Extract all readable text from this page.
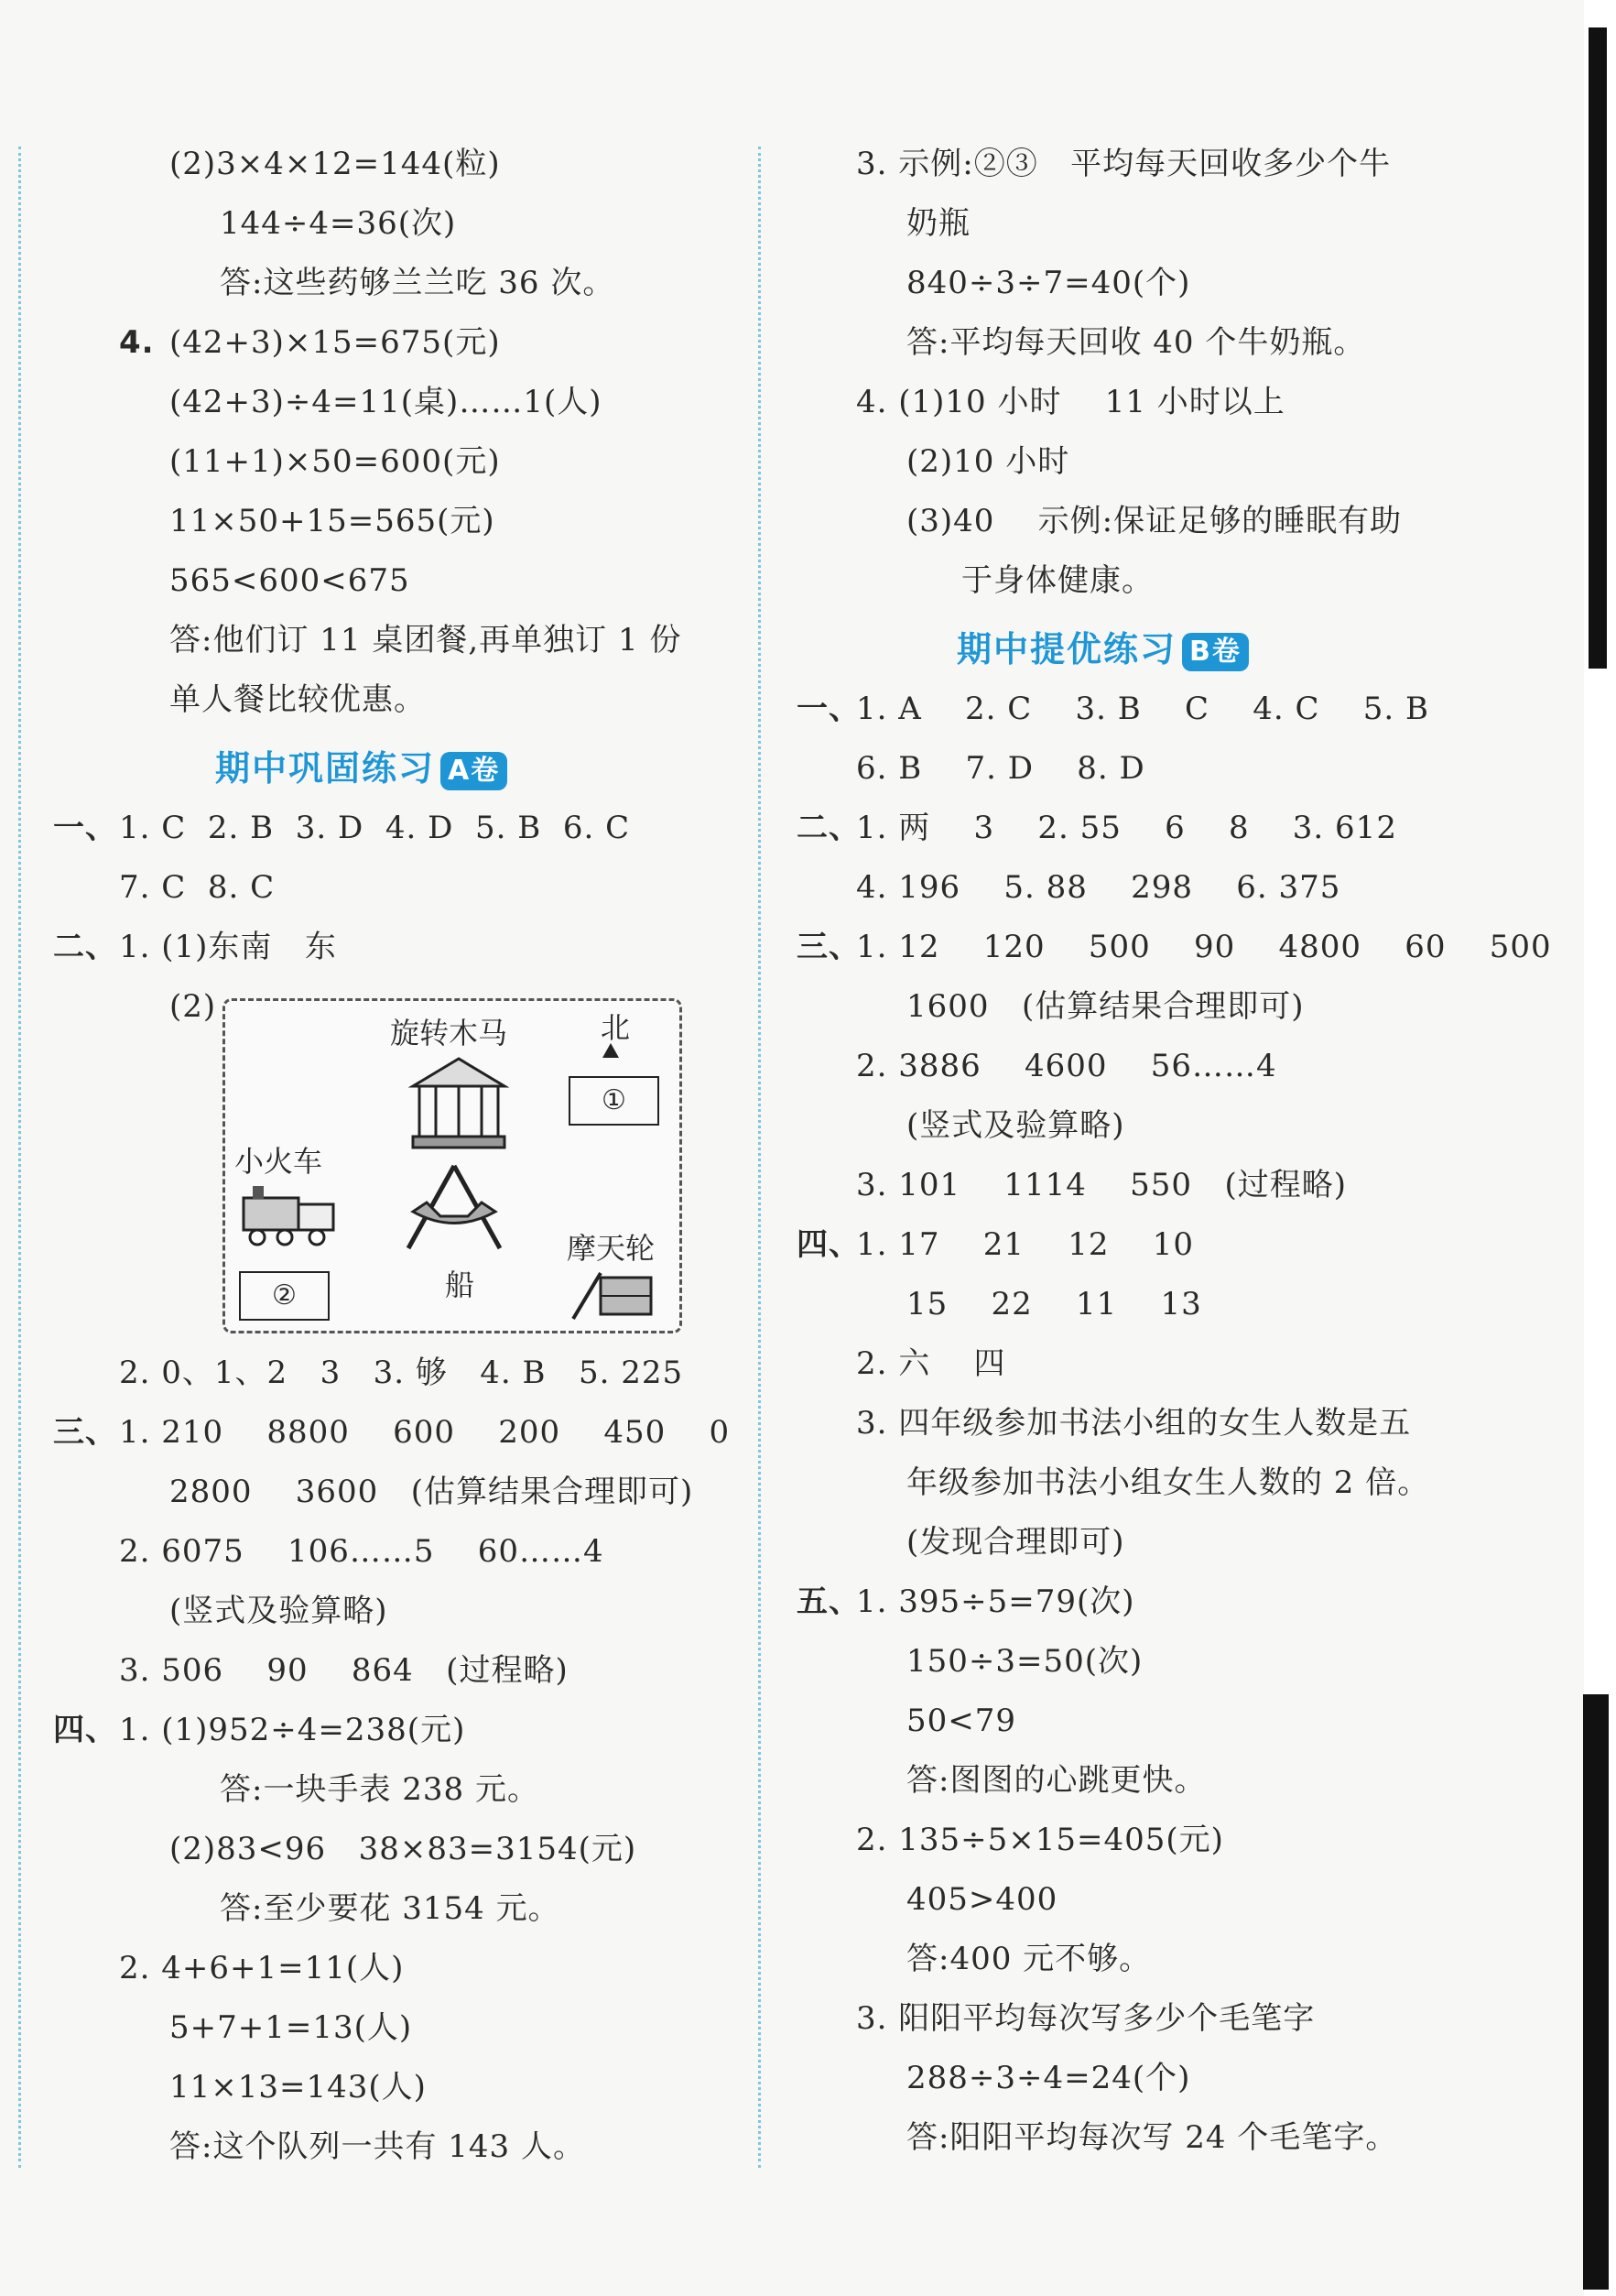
(2)3×4×12=144(粒)
144÷4=36(次)
答:这些药够兰兰吃 36 次。
4. (42+3)×15=675(元)
(42+3)÷4=11(桌)……1(人)
(11+1)×50=600(元)
11×50+15=565(元)
565<600<675
答:他们订 11 桌团餐,再单独订 1 份
单人餐比较优惠。
期中巩固练习 A卷
一、 1. C  2. B  3. D  4. D  5. B  6. C
7. C  8. C
二、 1. (1)东南   东
(2)
旋转木马	北
①
小火车
船
摩天轮
②
2. 0、1、2   3   3. 够   4. B   5. 225
三、 1. 210    8800    600    200    450    0
2800    3600   (估算结果合理即可)
2. 6075    106……5    60……4
(竖式及验算略)
3. 506    90    864   (过程略)
四、 1. (1)952÷4=238(元)
答:一块手表 238 元。
(2)83<96   38×83=3154(元)
答:至少要花 3154 元。
2. 4+6+1=11(人)
5+7+1=13(人)
11×13=143(人)
答:这个队列一共有 143 人。
3. 示例:②③   平均每天回收多少个牛
奶瓶
840÷3÷7=40(个)
答:平均每天回收 40 个牛奶瓶。
4. (1)10 小时    11 小时以上
(2)10 小时
(3)40    示例:保证足够的睡眠有助
于身体健康。
期中提优练习 B卷
一、
1. A    2. C    3. B    C    4. C    5. B
6. B    7. D    8. D
二、
1. 两    3    2. 55    6    8    3. 612
4. 196    5. 88    298    6. 375
三、
1. 12    120    500    90    4800    60    500
1600   (估算结果合理即可)
2. 3886    4600    56……4
(竖式及验算略)
3. 101    1114    550   (过程略)
四、
1. 17    21    12    10
15    22    11    13
2. 六    四
3. 四年级参加书法小组的女生人数是五
年级参加书法小组女生人数的 2 倍。
(发现合理即可)
五、
1. 395÷5=79(次)
150÷3=50(次)
50<79
答:图图的心跳更快。
2. 135÷5×15=405(元)
405>400
答:400 元不够。
3. 阳阳平均每次写多少个毛笔字
288÷3÷4=24(个)
答:阳阳平均每次写 24 个毛笔字。
